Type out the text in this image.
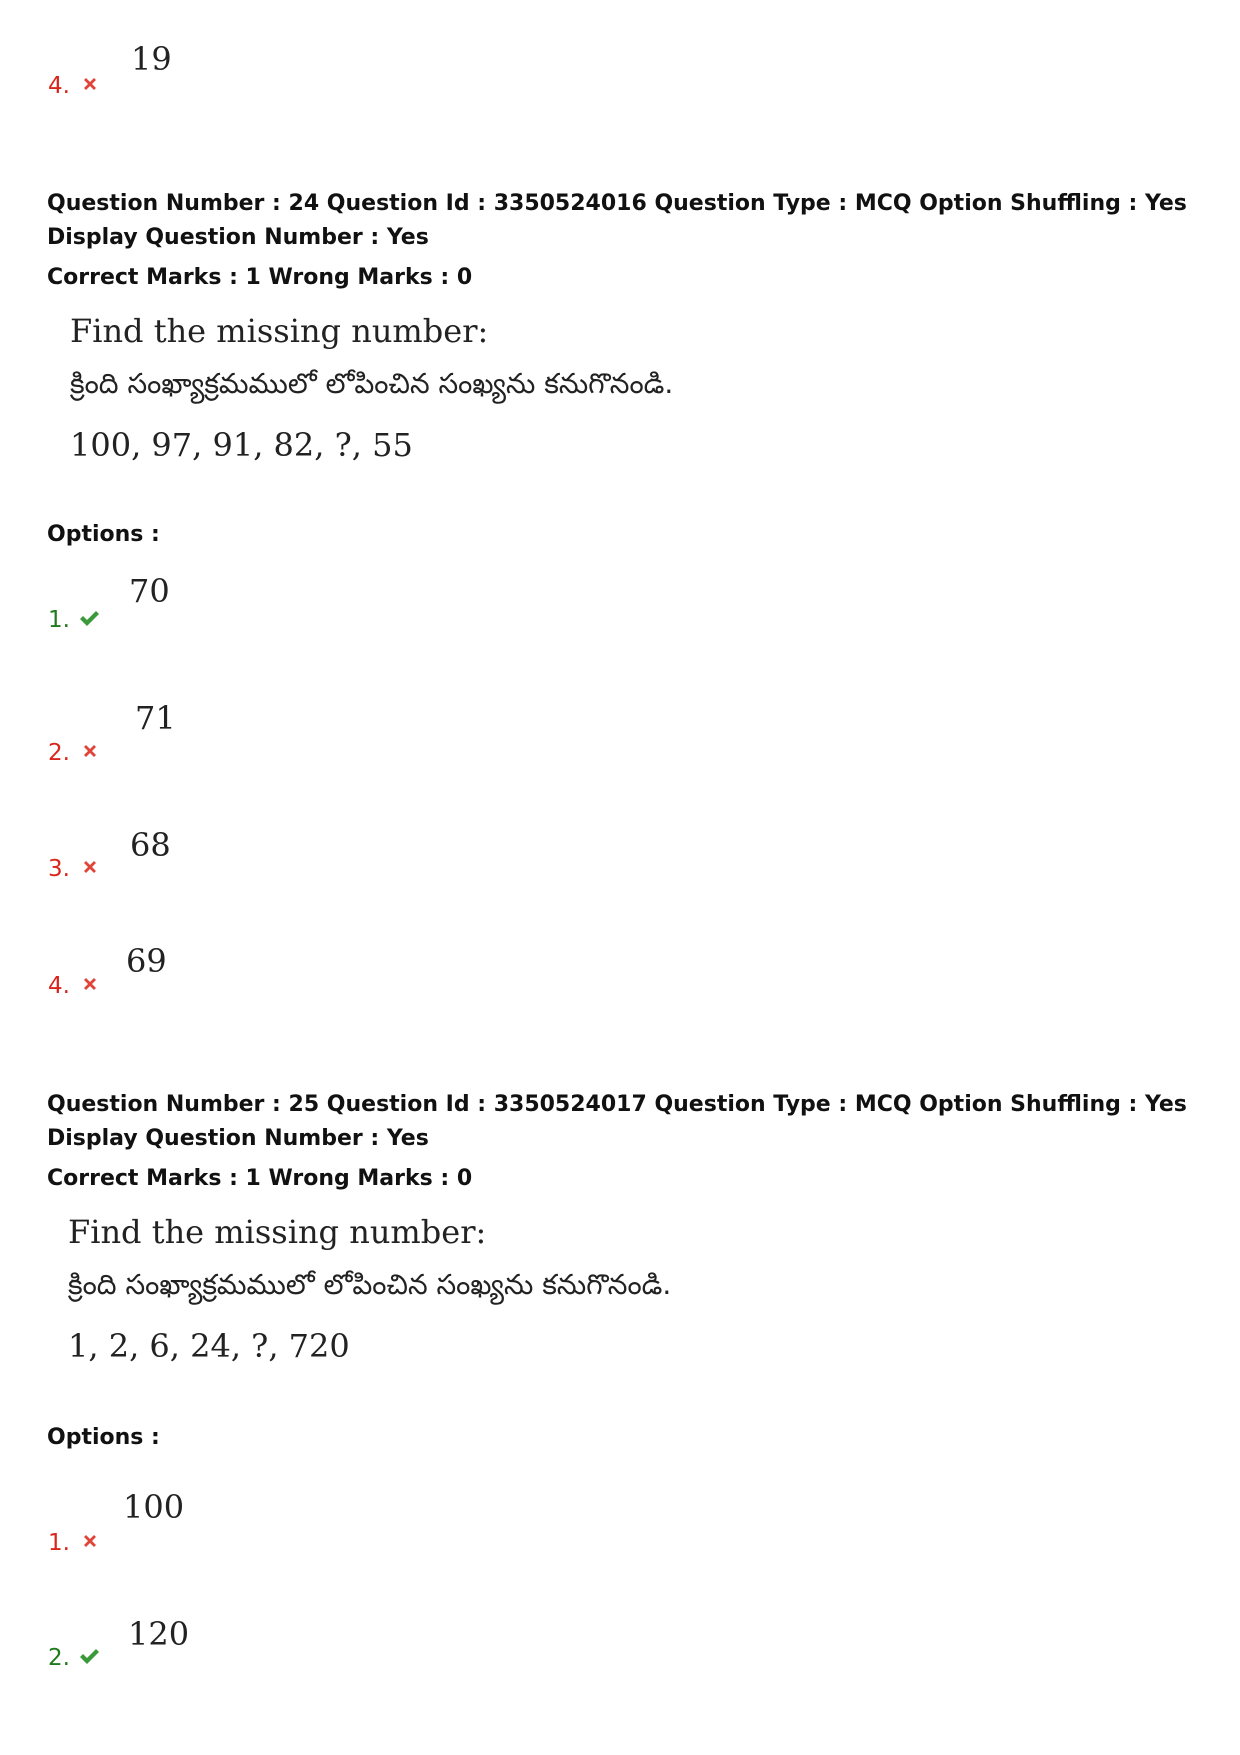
19
4.
Question Number : 24 Question Id : 3350524016 Question Type : MCQ Option Shuffling : Yes
Display Question Number : Yes
Correct Marks : 1 Wrong Marks : 0
Find the missing number:
క్రింది సంఖ్యాక్రమములో లోపించిన సంఖ్యను కనుగొనండి.
100, 97, 91, 82, ?, 55
Options :
70
1.
71
2.
68
3.
69
4.
Question Number : 25 Question Id : 3350524017 Question Type : MCQ Option Shuffling : Yes
Display Question Number : Yes
Correct Marks : 1 Wrong Marks : 0
Find the missing number:
క్రింది సంఖ్యాక్రమములో లోపించిన సంఖ్యను కనుగొనండి.
1, 2, 6, 24, ?, 720
Options :
100
1.
120
2.
